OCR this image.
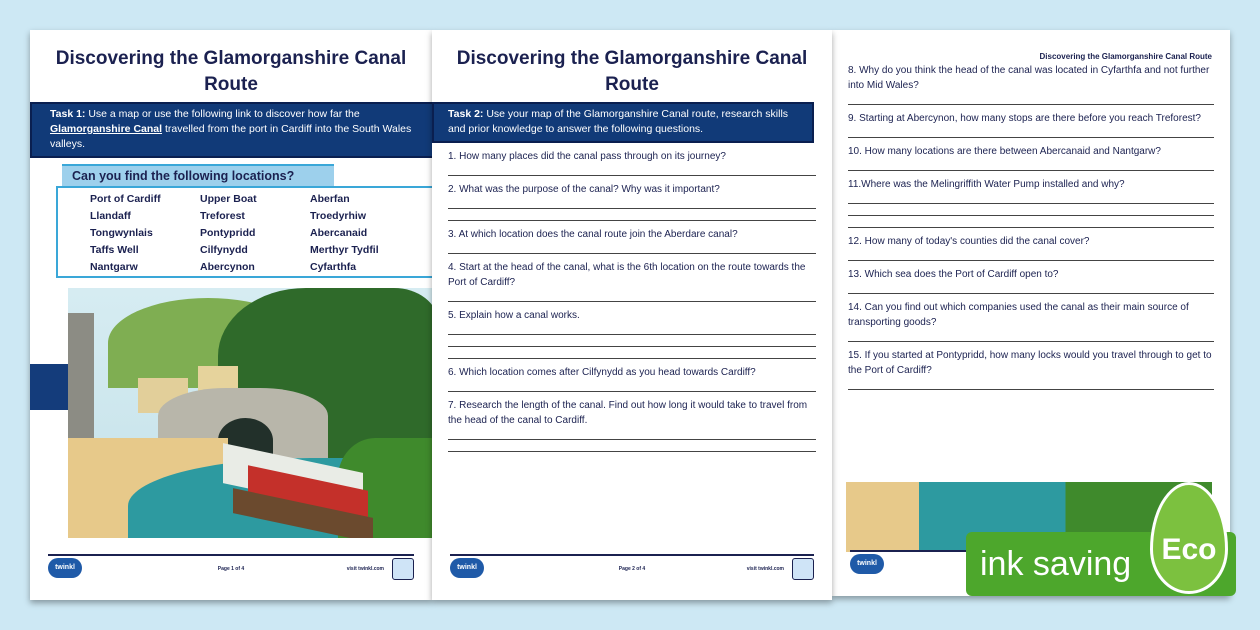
Discovering the Glamorganshire Canal Route
Task 1: Use a map or use the following link to discover how far the Glamorganshire Canal travelled from the port in Cardiff into the South Wales valleys.
Can you find the following locations?
Port of Cardiff	Upper Boat	Aberfan
Llandaff	Treforest	Troedyrhiw
Tongwynlais	Pontypridd	Abercanaid
Taffs Well	Cilfynydd	Merthyr Tydfil
Nantgarw	Abercynon	Cyfarthfa
twinkl	Page 1 of 4	visit twinkl.com
Discovering the Glamorganshire Canal Route
Task 2: Use your map of the Glamorganshire Canal route, research skills and prior knowledge to answer the following questions.
1. How many places did the canal pass through on its journey?
2. What was the purpose of the canal? Why was it important?
3. At which location does the canal route join the Aberdare canal?
4. Start at the head of the canal, what is the 6th location on the route towards the Port of Cardiff?
5. Explain how a canal works.
6. Which location comes after Cilfynydd as you head towards Cardiff?
7. Research the length of the canal. Find out how long it would take to travel from the head of the canal to Cardiff.
twinkl	Page 2 of 4	visit twinkl.com
Discovering the Glamorganshire Canal Route
8. Why do you think the head of the canal was located in Cyfarthfa and not further into Mid Wales?
9. Starting at Abercynon, how many stops are there before you reach Treforest?
10. How many locations are there between Abercanaid and Nantgarw?
11.Where was the Melingriffith Water Pump installed and why?
12. How many of today's counties did the canal cover?
13. Which sea does the Port of Cardiff open to?
14. Can you find out which companies used the canal as their main source of transporting goods?
15. If you started at Pontypridd, how many locks would you travel through to get to the Port of Cardiff?
twinkl	ink saving	Eco
